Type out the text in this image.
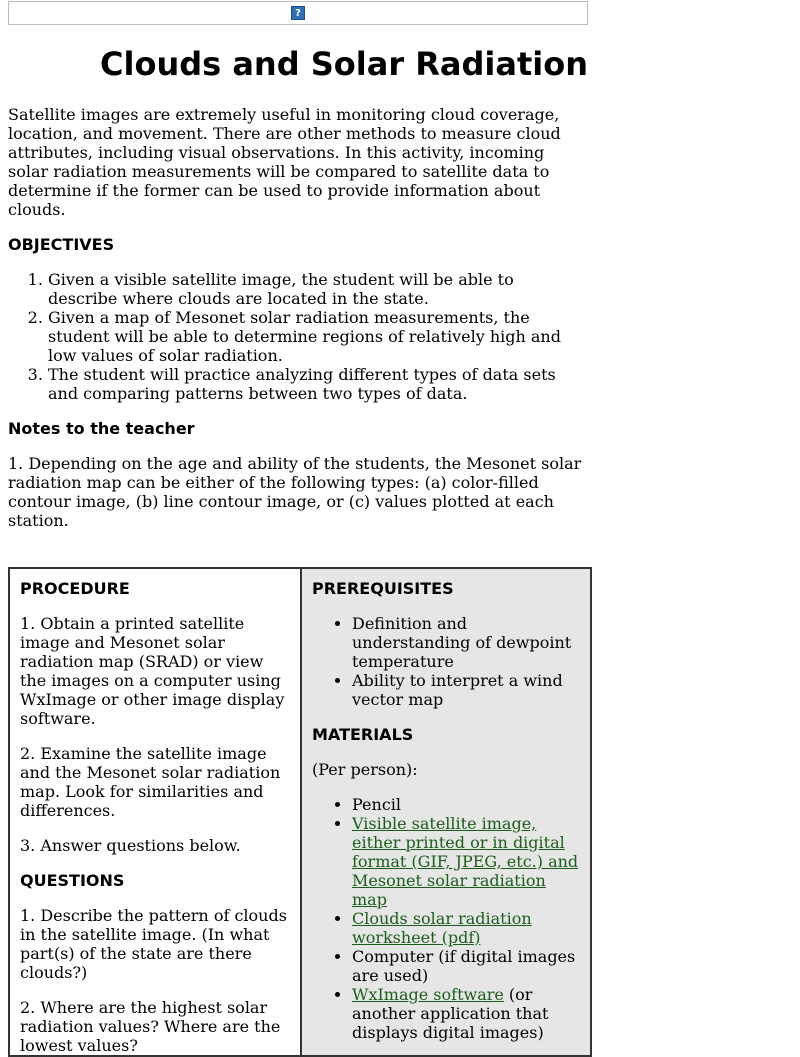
?
Clouds and Solar Radiation

Satellite images are extremely useful in monitoring cloud coverage, location, and movement. There are other methods to measure cloud attributes, including visual observations. In this activity, incoming solar radiation measurements will be compared to satellite data to determine if the former can be used to provide information about clouds.

OBJECTIVES
1. Given a visible satellite image, the student will be able to describe where clouds are located in the state.
2. Given a map of Mesonet solar radiation measurements, the student will be able to determine regions of relatively high and low values of solar radiation.
3. The student will practice analyzing different types of data sets and comparing patterns between two types of data.
Notes to the teacher

1. Depending on the age and ability of the students, the Mesonet solar radiation map can be either of the following types: (a) color-filled contour image, (b) line contour image, or (c) values plotted at each station.

PROCEDURE

1. Obtain a printed satellite image and Mesonet solar radiation map (SRAD) or view the images on a computer using WxImage or other image display software.

2. Examine the satellite image and the Mesonet solar radiation map. Look for similarities and differences.

3. Answer questions below.

QUESTIONS

1. Describe the pattern of clouds in the satellite image. (In what part(s) of the state are there clouds?)

2. Where are the highest solar radiation values? Where are the lowest values?

PREREQUISITES
• Definition and understanding of dewpoint temperature
• Ability to interpret a wind vector map
MATERIALS

(Per person):

• Pencil
• Visible satellite image, either printed or in digital format (GIF, JPEG, etc.) and Mesonet solar radiation map
• Clouds solar radiation worksheet (pdf)
• Computer (if digital images are used)
• WxImage software (or another application that displays digital images)
